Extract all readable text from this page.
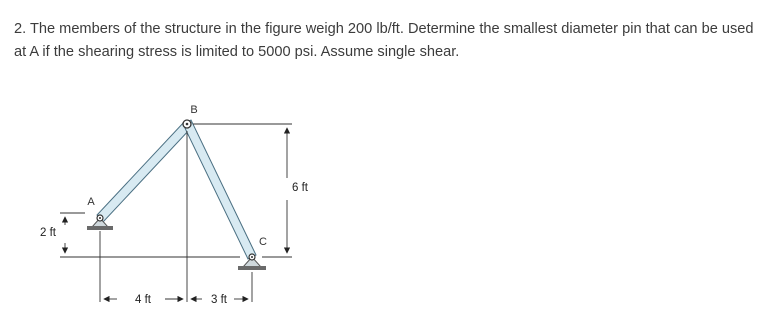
2. The members of the structure in the figure weigh 200 lb/ft. Determine the smallest diameter pin that can be used at A if the shearing stress is limited to 5000 psi. Assume single shear.

B
A
C
6 ft
2 ft
4 ft	3 ft
